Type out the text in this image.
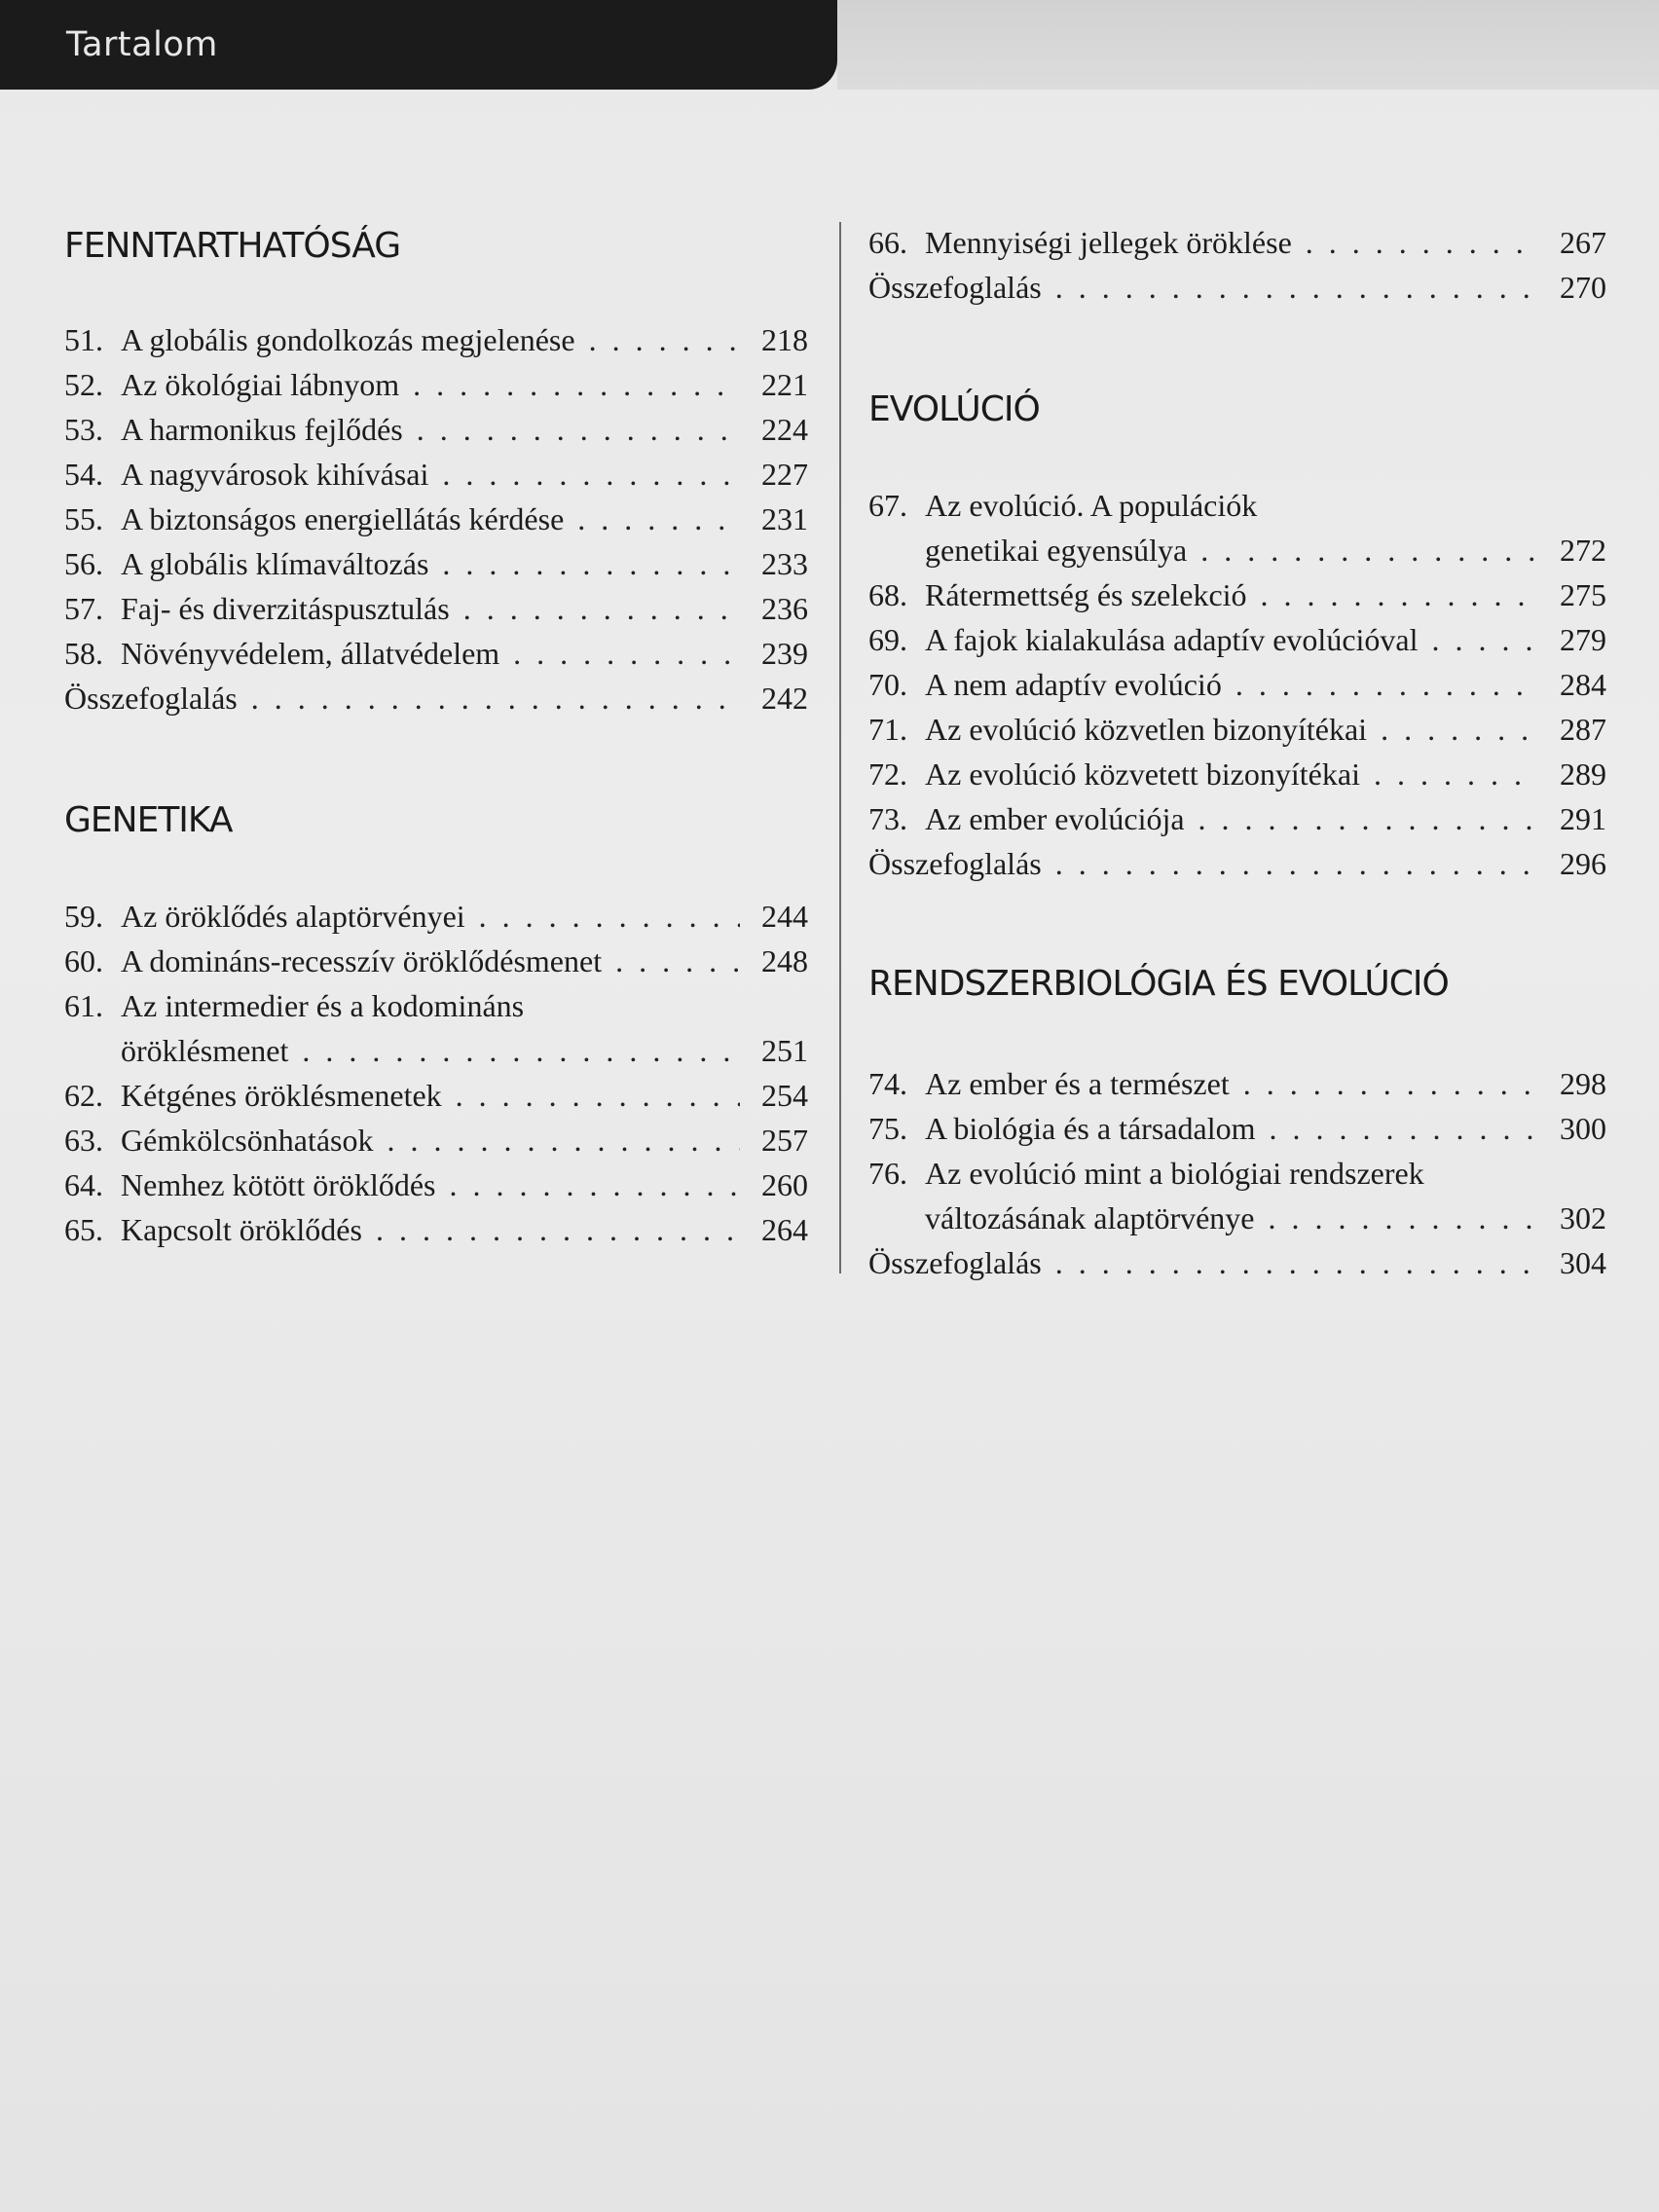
Tartalom
FENNTARTHATÓSÁG
51. A globális gondolkozás megjelenése . . .	218
52. Az ökológiai lábnyom . . .	221
53. A harmonikus fejlődés . . .	224
54. A nagyvárosok kihívásai . . .	227
55. A biztonságos energiellátás kérdése . . .	231
56. A globális klímaváltozás . . .	233
57. Faj- és diverzitáspusztulás . . .	236
58. Növényvédelem, állatvédelem . . .	239
Összefoglalás . . .	242
GENETIKA
59. Az öröklődés alaptörvényei . . .	244
60. A domináns-recesszív öröklődésmenet . . .	248
61. Az intermedier és a kodomináns
öröklésmenet . . .	251
62. Kétgénes öröklésmenetek . . .	254
63. Gémkölcsönhatások . . .	257
64. Nemhez kötött öröklődés . . .	260
65. Kapcsolt öröklődés . . .	264
66. Mennyiségi jellegek öröklése . . .	267
Összefoglalás . . .	270
EVOLÚCIÓ
67. Az evolúció. A populációk
genetikai egyensúlya . . .	272
68. Rátermettség és szelekció . . .	275
69. A fajok kialakulása adaptív evolúcióval . . .	279
70. A nem adaptív evolúció . . .	284
71. Az evolúció közvetlen bizonyítékai . . .	287
72. Az evolúció közvetett bizonyítékai . . .	289
73. Az ember evolúciója . . .	291
Összefoglalás . . .	296
RENDSZERBIOLÓGIA ÉS EVOLÚCIÓ
74. Az ember és a természet . . .	298
75. A biológia és a társadalom . . .	300
76. Az evolúció mint a biológiai rendszerek
változásának alaptörvénye . . .	302
Összefoglalás . . .	304
